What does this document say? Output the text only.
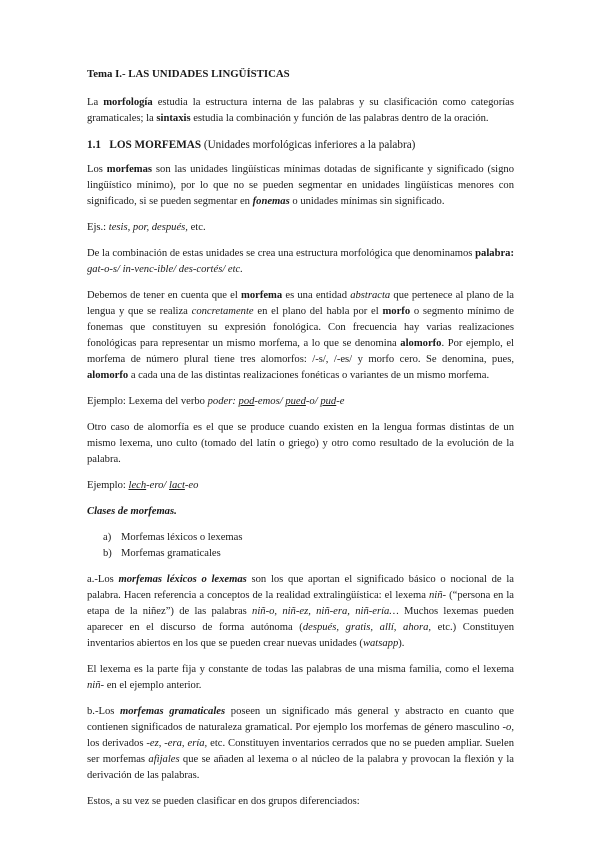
Tema I.- LAS UNIDADES LINGÜÍSTICAS

La morfología estudia la estructura interna de las palabras y su clasificación como categorías gramaticales; la sintaxis estudia la combinación y función de las palabras dentro de la oración.

1.1 LOS MORFEMAS (Unidades morfológicas inferiores a la palabra)

Los morfemas son las unidades lingüísticas mínimas dotadas de significante y significado (signo lingüístico mínimo), por lo que no se pueden segmentar en unidades lingüísticas menores con significado, si se pueden segmentar en fonemas o unidades mínimas sin significado.

Ejs.: tesis, por, después, etc.

De la combinación de estas unidades se crea una estructura morfológica que denominamos palabra: gat-o-s/ in-venc-ible/ des-cortés/ etc.

Debemos de tener en cuenta que el morfema es una entidad abstracta que pertenece al plano de la lengua y que se realiza concretamente en el plano del habla por el morfo o segmento mínimo de fonemas que constituyen su expresión fonológica. Con frecuencia hay varias realizaciones fonológicas para representar un mismo morfema, a lo que se denomina alomorfo. Por ejemplo, el morfema de número plural tiene tres alomorfos: /-s/, /-es/ y morfo cero. Se denomina, pues, alomorfo a cada una de las distintas realizaciones fonéticas o variantes de un mismo morfema.

Ejemplo: Lexema del verbo poder: pod-emos/ pued-o/ pud-e

Otro caso de alomorfía es el que se produce cuando existen en la lengua formas distintas de un mismo lexema, uno culto (tomado del latín o griego) y otro como resultado de la evolución de la palabra.

Ejemplo: lech-ero/ lact-eo

Clases de morfemas.

a) Morfemas léxicos o lexemas
b) Morfemas gramaticales

a.-Los morfemas léxicos o lexemas son los que aportan el significado básico o nocional de la palabra. Hacen referencia a conceptos de la realidad extralingüística: el lexema niñ- (“persona en la etapa de la niñez”) de las palabras niñ-o, niñ-ez, niñ-era, niñ-ería… Muchos lexemas pueden aparecer en el discurso de forma autónoma (después, gratis, allí, ahora, etc.) Constituyen inventarios abiertos en los que se pueden crear nuevas unidades (watsapp).

El lexema es la parte fija y constante de todas las palabras de una misma familia, como el lexema niñ- en el ejemplo anterior.

b.-Los morfemas gramaticales poseen un significado más general y abstracto en cuanto que contienen significados de naturaleza gramatical. Por ejemplo los morfemas de género masculino -o, los derivados -ez, -era, ería, etc. Constituyen inventarios cerrados que no se pueden ampliar. Suelen ser morfemas afijales que se añaden al lexema o al núcleo de la palabra y provocan la flexión y la derivación de las palabras.

Estos, a su vez se pueden clasificar en dos grupos diferenciados:
